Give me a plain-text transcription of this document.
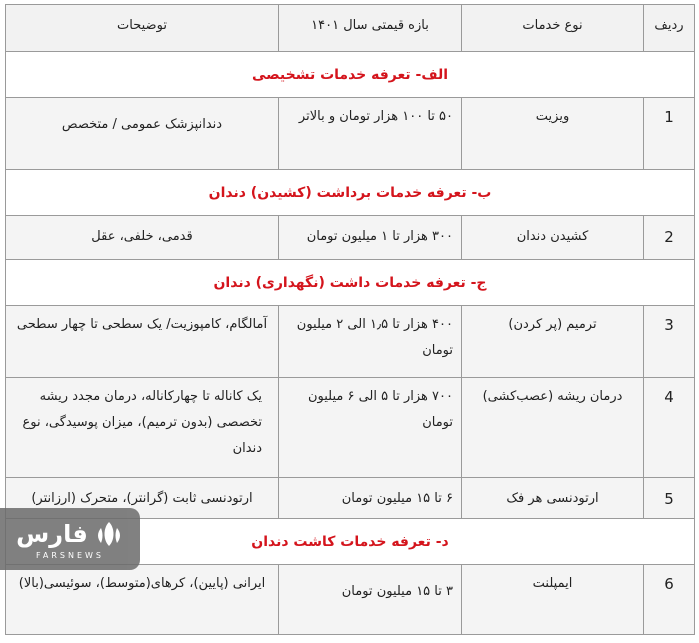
ردیف	نوع خدمات	بازه قیمتی سال ۱۴۰۱	توضیحات
الف- تعرفه خدمات تشخیصی			
1	ویزیت	۵۰ تا ۱۰۰ هزار تومان و بالاتر	دندانپزشک عمومی / متخصص
ب- تعرفه خدمات برداشت (کشیدن) دندان			
2	کشیدن دندان	۳۰۰ هزار تا ۱ میلیون تومان	قدمی، خلفی، عقل
ج- تعرفه خدمات داشت (نگهداری) دندان			
3	ترمیم (پر کردن)	۴۰۰ هزار تا ۱٫۵ الی ۲ میلیون تومان	آمالگام، کامپوزیت/ یک سطحی تا چهار سطحی
4	درمان ریشه (عصب‌کشی)	۷۰۰ هزار تا ۵ الی ۶ میلیون تومان	یک کاناله تا چهارکاناله، درمان مجدد ریشه تخصصی (بدون ترمیم)، میزان پوسیدگی، نوع دندان
5	ارتودنسی هر فک	۶ تا ۱۵ میلیون تومان	ارتودنسی ثابت (گرانتر)، متحرک (ارزانتر)
د- تعرفه خدمات کاشت دندان			
6	ایمپلنت	۳ تا ۱۵ میلیون تومان	ایرانی (پایین)، کرهای(متوسط)، سوئیسی(بالا)
فارس
FARSNEWS
